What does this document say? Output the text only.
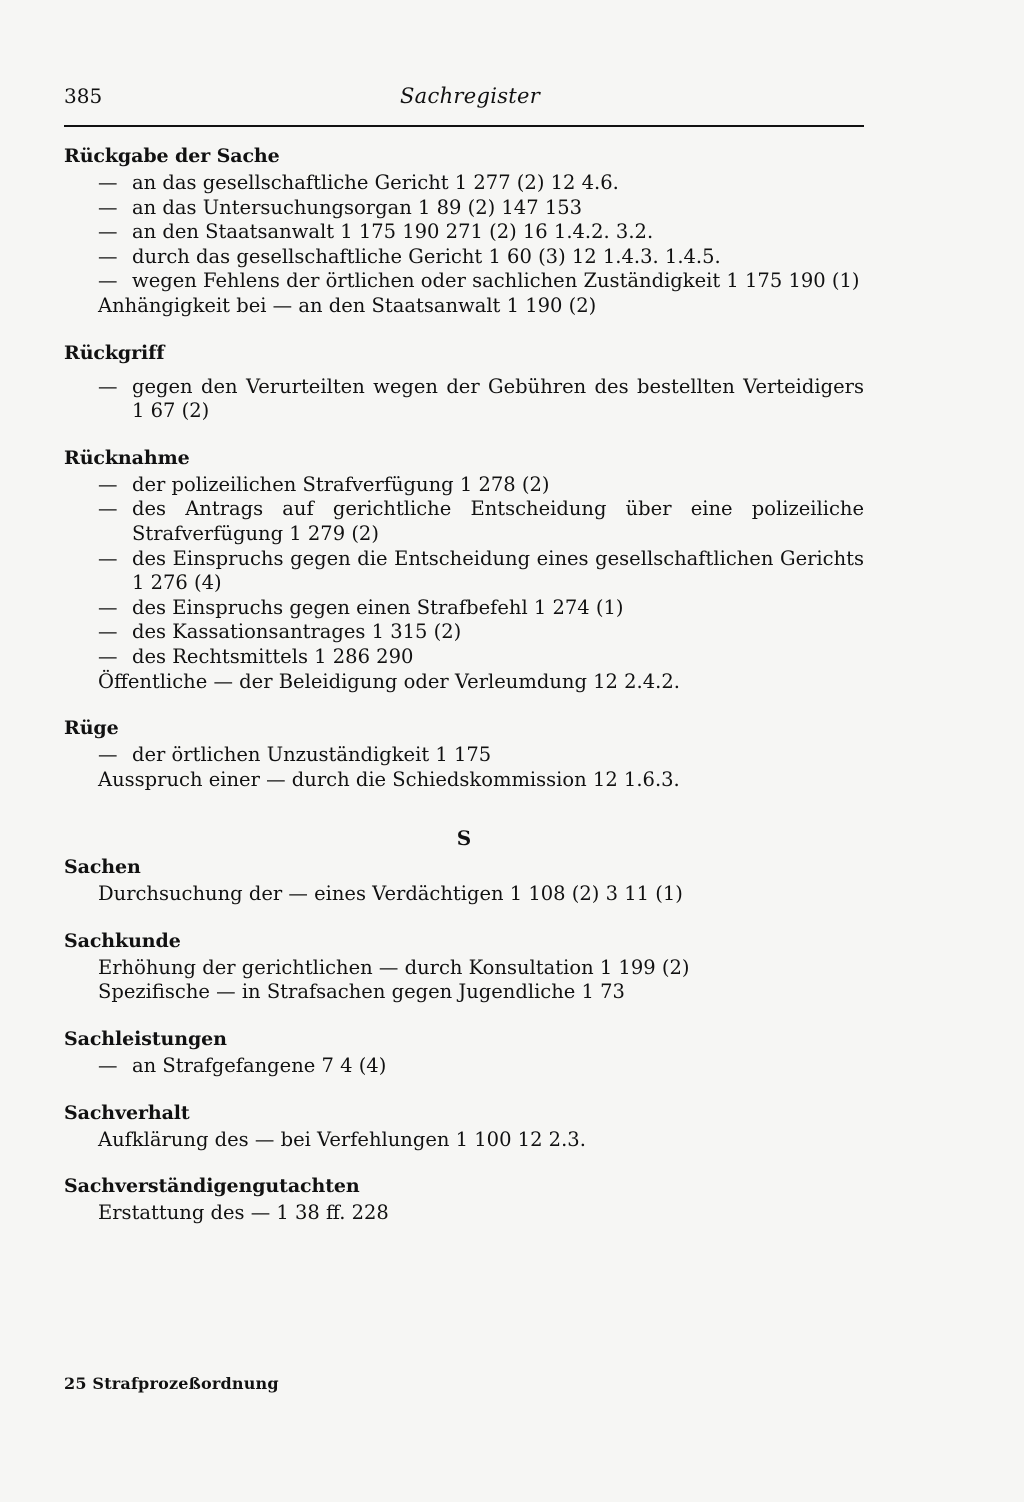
385	Sachregister
Rückgabe der Sache
— an das gesellschaftliche Gericht 1 277 (2) 12 4.6.
— an das Untersuchungsorgan 1 89 (2) 147 153
— an den Staatsanwalt 1 175 190 271 (2) 16 1.4.2. 3.2.
— durch das gesellschaftliche Gericht 1 60 (3) 12 1.4.3. 1.4.5.
— wegen Fehlens der örtlichen oder sachlichen Zuständigkeit 1 175 190 (1)
Anhängigkeit bei — an den Staatsanwalt 1 190 (2)
Rückgriff
— gegen den Verurteilten wegen der Gebühren des bestellten Verteidigers 1 67 (2)
Rücknahme
— der polizeilichen Strafverfügung 1 278 (2)
— des Antrags auf gerichtliche Entscheidung über eine polizeiliche Strafverfügung 1 279 (2)
— des Einspruchs gegen die Entscheidung eines gesellschaftlichen Gerichts 1 276 (4)
— des Einspruchs gegen einen Strafbefehl 1 274 (1)
— des Kassationsantrages 1 315 (2)
— des Rechtsmittels 1 286 290
Öffentliche — der Beleidigung oder Verleumdung 12 2.4.2.
Rüge
— der örtlichen Unzuständigkeit 1 175
Ausspruch einer — durch die Schiedskommission 12 1.6.3.
S
Sachen
Durchsuchung der — eines Verdächtigen 1 108 (2) 3 11 (1)
Sachkunde
Erhöhung der gerichtlichen — durch Konsultation 1 199 (2)
Spezifische — in Strafsachen gegen Jugendliche 1 73
Sachleistungen
— an Strafgefangene 7 4 (4)
Sachverhalt
Aufklärung des — bei Verfehlungen 1 100 12 2.3.
Sachverständigengutachten
Erstattung des — 1 38 ff. 228
25 Strafprozeßordnung
